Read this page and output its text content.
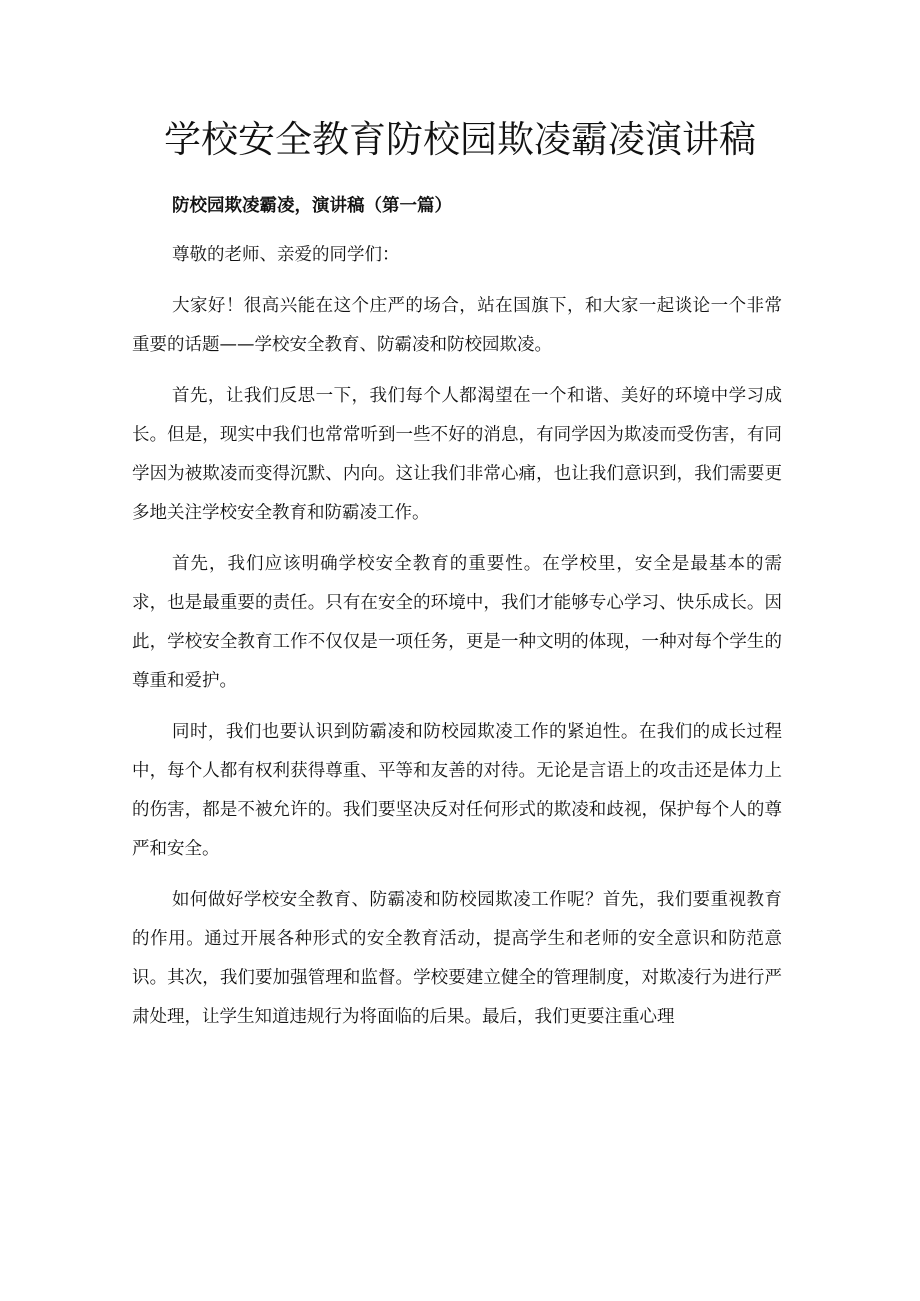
学校安全教育防校园欺凌霸凌演讲稿

防校园欺凌霸凌，演讲稿（第一篇）

尊敬的老师、亲爱的同学们：

大家好！很高兴能在这个庄严的场合，站在国旗下，和大家一起谈论一个非常重要的话题——学校安全教育、防霸凌和防校园欺凌。

首先，让我们反思一下，我们每个人都渴望在一个和谐、美好的环境中学习成长。但是，现实中我们也常常听到一些不好的消息，有同学因为欺凌而受伤害，有同学因为被欺凌而变得沉默、内向。这让我们非常心痛，也让我们意识到，我们需要更多地关注学校安全教育和防霸凌工作。

首先，我们应该明确学校安全教育的重要性。在学校里，安全是最基本的需求，也是最重要的责任。只有在安全的环境中，我们才能够专心学习、快乐成长。因此，学校安全教育工作不仅仅是一项任务，更是一种文明的体现，一种对每个学生的尊重和爱护。

同时，我们也要认识到防霸凌和防校园欺凌工作的紧迫性。在我们的成长过程中，每个人都有权利获得尊重、平等和友善的对待。无论是言语上的攻击还是体力上的伤害，都是不被允许的。我们要坚决反对任何形式的欺凌和歧视，保护每个人的尊严和安全。

如何做好学校安全教育、防霸凌和防校园欺凌工作呢？首先，我们要重视教育的作用。通过开展各种形式的安全教育活动，提高学生和老师的安全意识和防范意识。其次，我们要加强管理和监督。学校要建立健全的管理制度，对欺凌行为进行严肃处理，让学生知道违规行为将面临的后果。最后，我们更要注重心理
